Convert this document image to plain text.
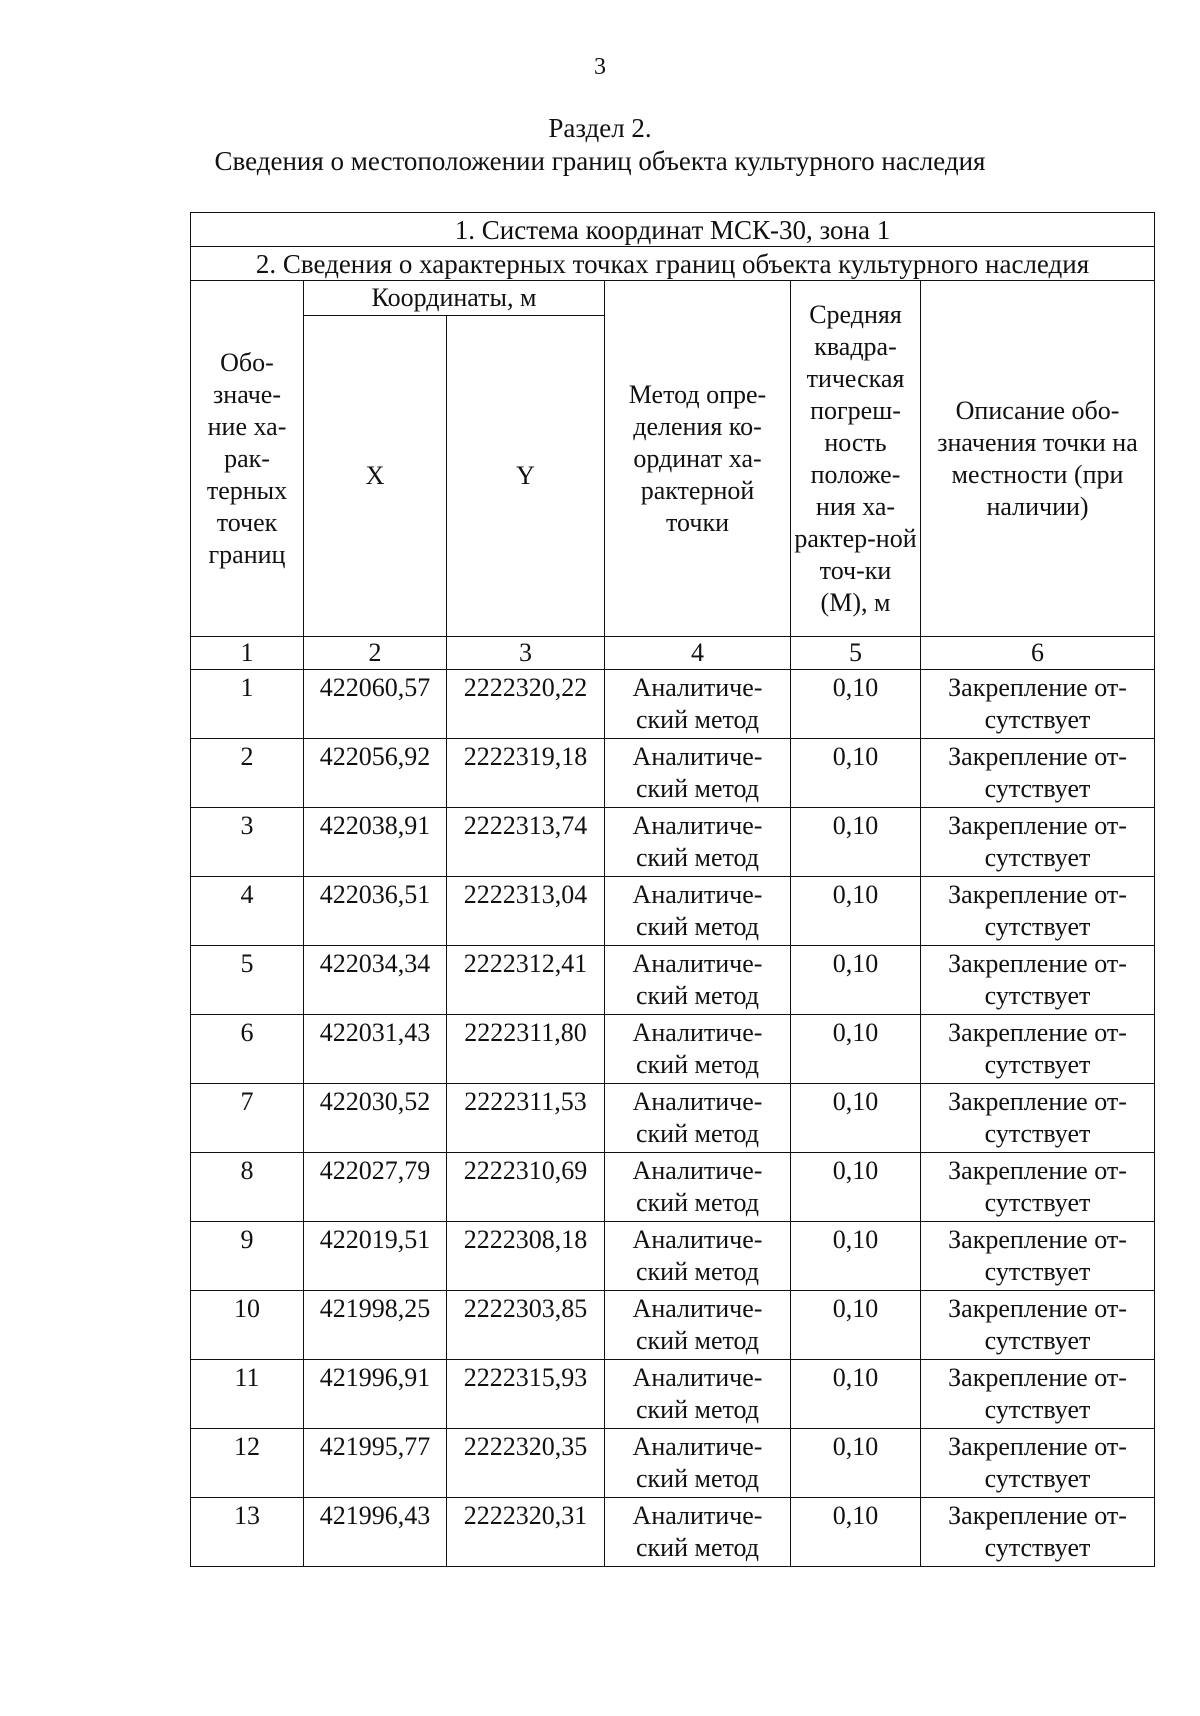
3
Раздел 2.
Сведения о местоположении границ объекта культурного наследия
1. Система координат МСК-30, зона 1					
2. Сведения о характерных точках границ объекта культурного наследия					
Обо-значе-ние ха-рак-терных точек границ	Координаты, м		Метод опре-деления ко-ординат ха-рактерной точки	Средняя квадра-тическая погреш-ность положе-ния ха-рактер-ной точ-ки (М), м	Описание обо-значения точки на местности (при наличии)
	X	Y			
1	2	3	4	5	6
1	422060,57	2222320,22	Аналитиче-ский метод	0,10	Закрепление от-сутствует
2	422056,92	2222319,18	Аналитиче-ский метод	0,10	Закрепление от-сутствует
3	422038,91	2222313,74	Аналитиче-ский метод	0,10	Закрепление от-сутствует
4	422036,51	2222313,04	Аналитиче-ский метод	0,10	Закрепление от-сутствует
5	422034,34	2222312,41	Аналитиче-ский метод	0,10	Закрепление от-сутствует
6	422031,43	2222311,80	Аналитиче-ский метод	0,10	Закрепление от-сутствует
7	422030,52	2222311,53	Аналитиче-ский метод	0,10	Закрепление от-сутствует
8	422027,79	2222310,69	Аналитиче-ский метод	0,10	Закрепление от-сутствует
9	422019,51	2222308,18	Аналитиче-ский метод	0,10	Закрепление от-сутствует
10	421998,25	2222303,85	Аналитиче-ский метод	0,10	Закрепление от-сутствует
11	421996,91	2222315,93	Аналитиче-ский метод	0,10	Закрепление от-сутствует
12	421995,77	2222320,35	Аналитиче-ский метод	0,10	Закрепление от-сутствует
13	421996,43	2222320,31	Аналитиче-ский метод	0,10	Закрепление от-сутствует
